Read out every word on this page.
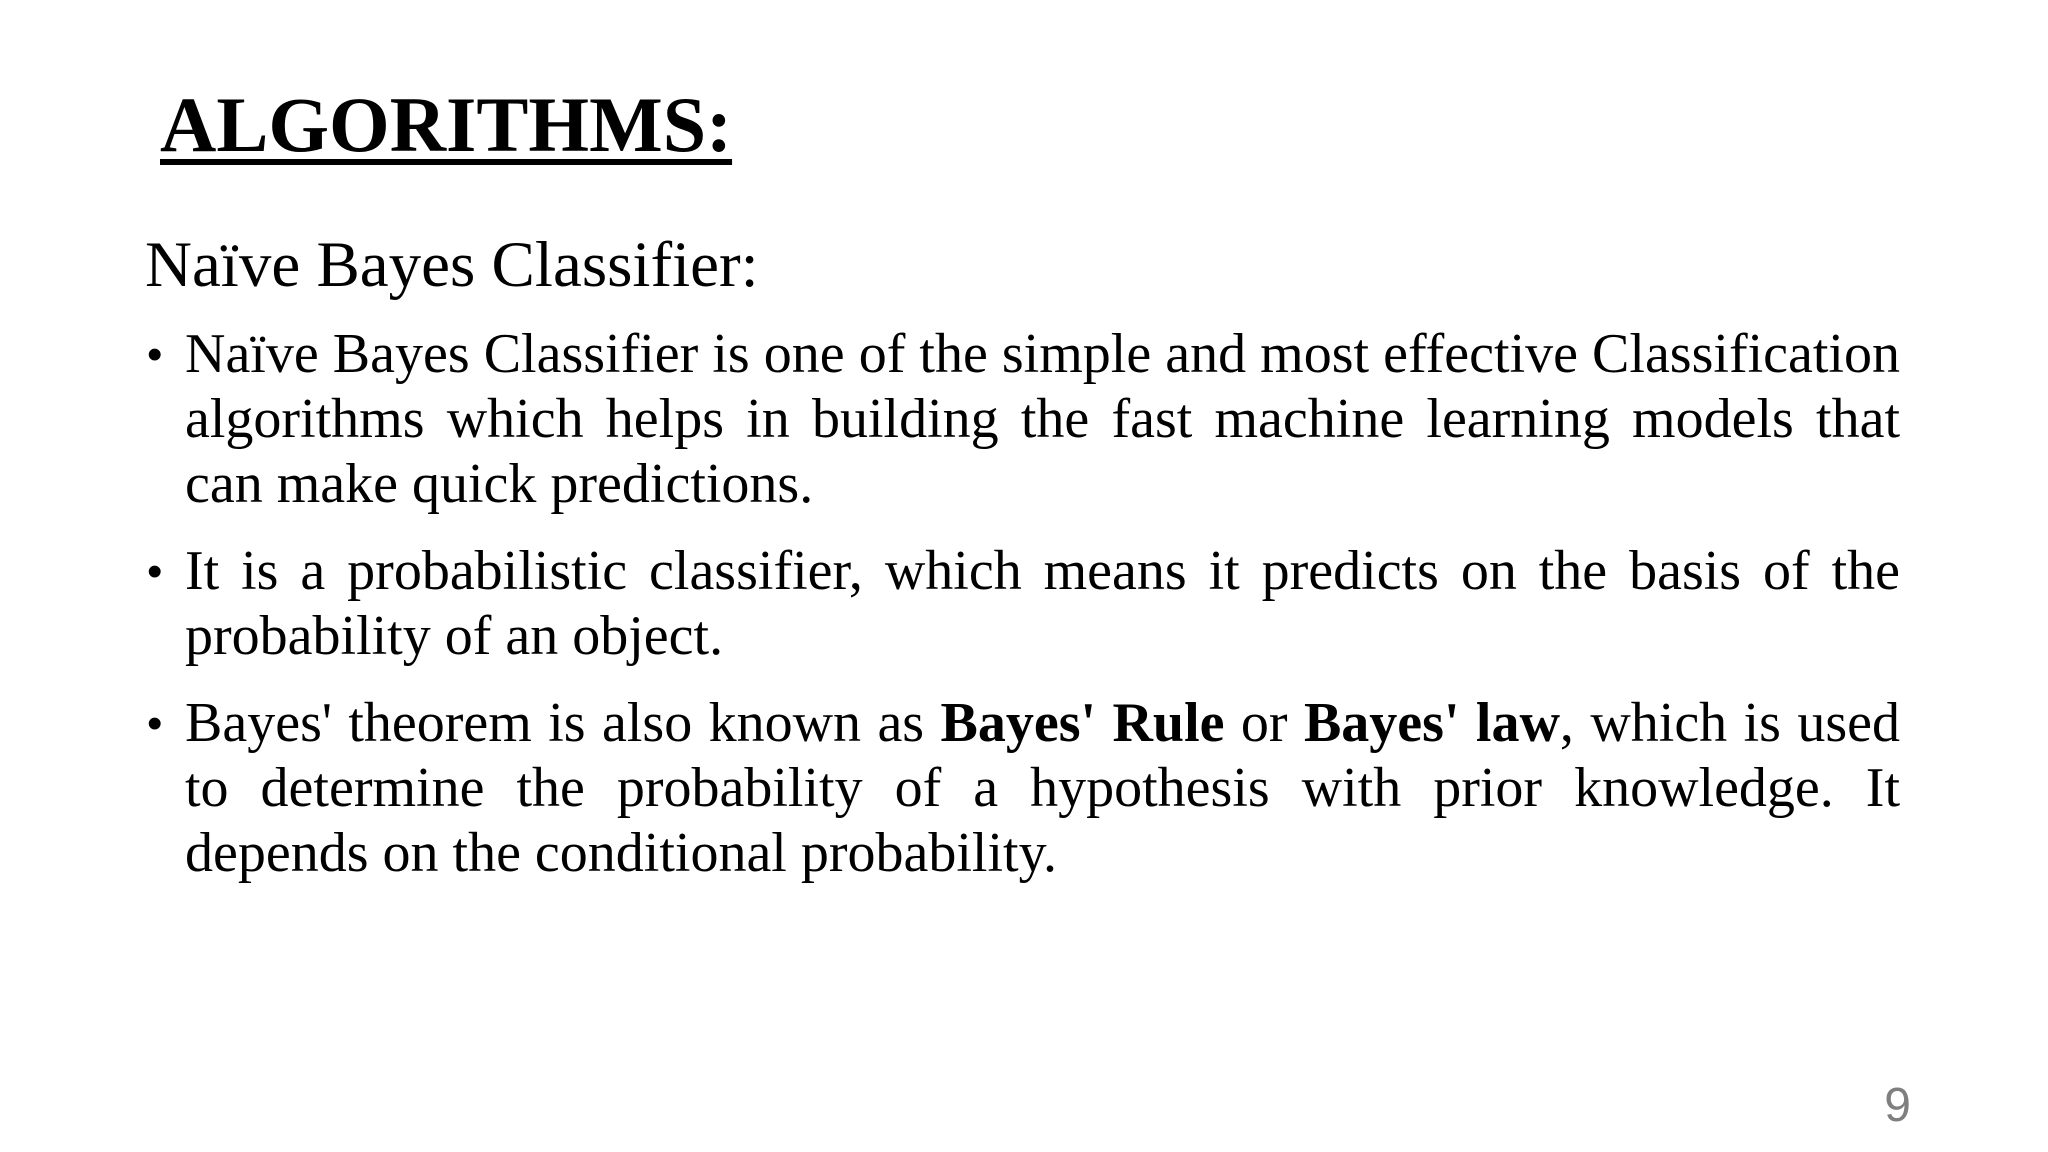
ALGORITHMS:
Naïve Bayes Classifier:
• Naïve Bayes Classifier is one of the simple and most effective Classification algorithms which helps in building the fast machine learning models that can make quick predictions.
• It is a probabilistic classifier, which means it predicts on the basis of the probability of an object.
• Bayes' theorem is also known as Bayes' Rule or Bayes' law, which is used to determine the probability of a hypothesis with prior knowledge. It depends on the conditional probability.
9
